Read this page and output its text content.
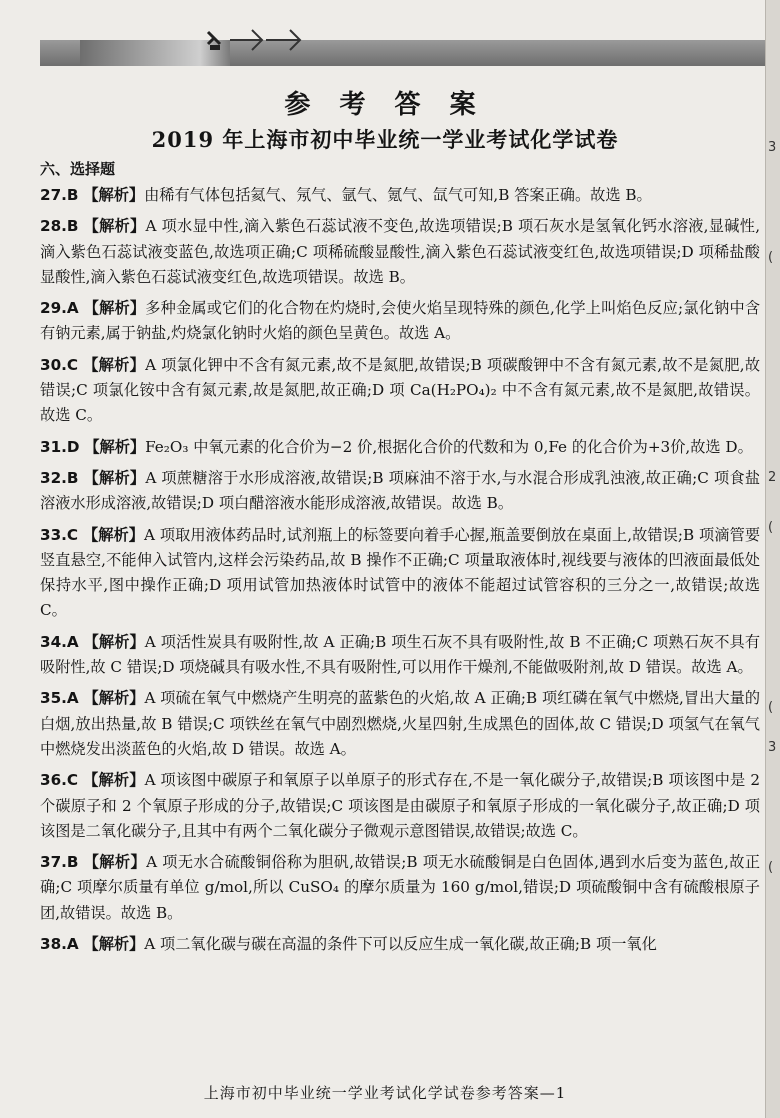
参 考 答 案
2019 年上海市初中毕业统一学业考试化学试卷
六、选择题

27.B 【解析】由稀有气体包括氦气、氖气、氩气、氪气、氙气可知,B 答案正确。故选 B。

28.B 【解析】A 项水显中性,滴入紫色石蕊试液不变色,故选项错误;B 项石灰水是氢氧化钙水溶液,显碱性,滴入紫色石蕊试液变蓝色,故选项正确;C 项稀硫酸显酸性,滴入紫色石蕊试液变红色,故选项错误;D 项稀盐酸显酸性,滴入紫色石蕊试液变红色,故选项错误。故选 B。

29.A 【解析】多种金属或它们的化合物在灼烧时,会使火焰呈现特殊的颜色,化学上叫焰色反应;氯化钠中含有钠元素,属于钠盐,灼烧氯化钠时火焰的颜色呈黄色。故选 A。

30.C 【解析】A 项氯化钾中不含有氮元素,故不是氮肥,故错误;B 项碳酸钾中不含有氮元素,故不是氮肥,故错误;C 项氯化铵中含有氮元素,故是氮肥,故正确;D 项 Ca(H₂PO₄)₂ 中不含有氮元素,故不是氮肥,故错误。故选 C。

31.D 【解析】Fe₂O₃ 中氧元素的化合价为−2 价,根据化合价的代数和为 0,Fe 的化合价为+3价,故选 D。

32.B 【解析】A 项蔗糖溶于水形成溶液,故错误;B 项麻油不溶于水,与水混合形成乳浊液,故正确;C 项食盐溶液水形成溶液,故错误;D 项白醋溶液水能形成溶液,故错误。故选 B。

33.C 【解析】A 项取用液体药品时,试剂瓶上的标签要向着手心握,瓶盖要倒放在桌面上,故错误;B 项滴管要竖直悬空,不能伸入试管内,这样会污染药品,故 B 操作不正确;C 项量取液体时,视线要与液体的凹液面最低处保持水平,图中操作正确;D 项用试管加热液体时试管中的液体不能超过试管容积的三分之一,故错误;故选 C。

34.A 【解析】A 项活性炭具有吸附性,故 A 正确;B 项生石灰不具有吸附性,故 B 不正确;C 项熟石灰不具有吸附性,故 C 错误;D 项烧碱具有吸水性,不具有吸附性,可以用作干燥剂,不能做吸附剂,故 D 错误。故选 A。

35.A 【解析】A 项硫在氧气中燃烧产生明亮的蓝紫色的火焰,故 A 正确;B 项红磷在氧气中燃烧,冒出大量的白烟,放出热量,故 B 错误;C 项铁丝在氧气中剧烈燃烧,火星四射,生成黑色的固体,故 C 错误;D 项氢气在氧气中燃烧发出淡蓝色的火焰,故 D 错误。故选 A。

36.C 【解析】A 项该图中碳原子和氧原子以单原子的形式存在,不是一氧化碳分子,故错误;B 项该图中是 2 个碳原子和 2 个氧原子形成的分子,故错误;C 项该图是由碳原子和氧原子形成的一氧化碳分子,故正确;D 项该图是二氧化碳分子,且其中有两个二氧化碳分子微观示意图错误,故错误;故选 C。

37.B 【解析】A 项无水合硫酸铜俗称为胆矾,故错误;B 项无水硫酸铜是白色固体,遇到水后变为蓝色,故正确;C 项摩尔质量有单位 g/mol,所以 CuSO₄ 的摩尔质量为 160 g/mol,错误;D 项硫酸铜中含有硫酸根原子团,故错误。故选 B。

38.A 【解析】A 项二氧化碳与碳在高温的条件下可以反应生成一氧化碳,故正确;B 项一氧化

上海市初中毕业统一学业考试化学试卷参考答案—1
3
(
2
(
(
3
(
